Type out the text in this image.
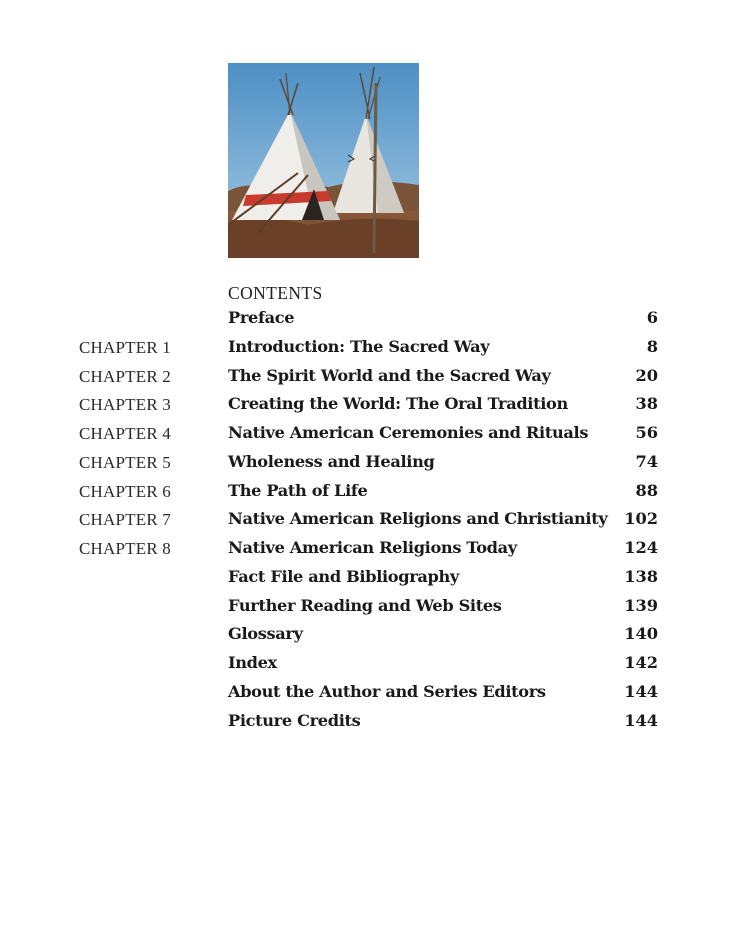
CONTENTS
Preface	6
CHAPTER 1	Introduction: The Sacred Way	8
CHAPTER 2	The Spirit World and the Sacred Way	20
CHAPTER 3	Creating the World: The Oral Tradition	38
CHAPTER 4	Native American Ceremonies and Rituals	56
CHAPTER 5	Wholeness and Healing	74
CHAPTER 6	The Path of Life	88
CHAPTER 7	Native American Religions and Christianity 102
CHAPTER 8	Native American Religions Today	124
Fact File and Bibliography	138
Further Reading and Web Sites	139
Glossary	140
Index	142
About the Author and Series Editors	144
Picture Credits	144
